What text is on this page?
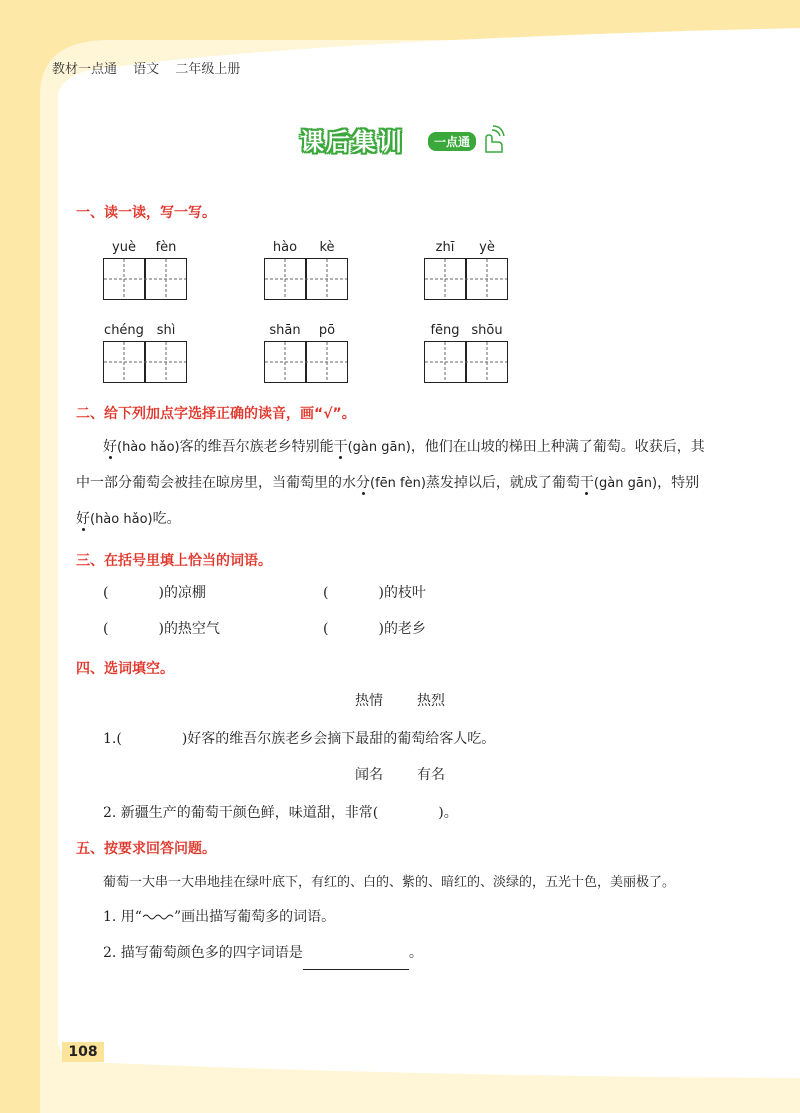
教材一点通 语文 二年级上册
课后集训	一点通
一、读一读，写一写。
yuè fèn	hào kè	zhī yè
chéng shì	shān pō	fēng shōu
二、给下列加点字选择正确的读音，画“√”。
好(hào hǎo)客的维吾尔族老乡特别能干(gàn gān)，他们在山坡的梯田上种满了葡萄。收获后，其
中一部分葡萄会被挂在晾房里，当葡萄里的水分(fēn fèn)蒸发掉以后，就成了葡萄干(gàn gān)，特别
好(hào hǎo)吃。
三、在括号里填上恰当的词语。
(	)的凉棚	(	)的枝叶
(	)的热空气	(	)的老乡
四、选词填空。
热情 热烈
1.(	)好客的维吾尔族老乡会摘下最甜的葡萄给客人吃。
闻名 有名
2. 新疆生产的葡萄干颜色鲜，味道甜，非常(	)。
五、按要求回答问题。
葡萄一大串一大串地挂在绿叶底下，有红的、白的、紫的、暗红的、淡绿的，五光十色，美丽极了。
1. 用“ ”画出描写葡萄多的词语。
2. 描写葡萄颜色多的四字词语是	。
108
